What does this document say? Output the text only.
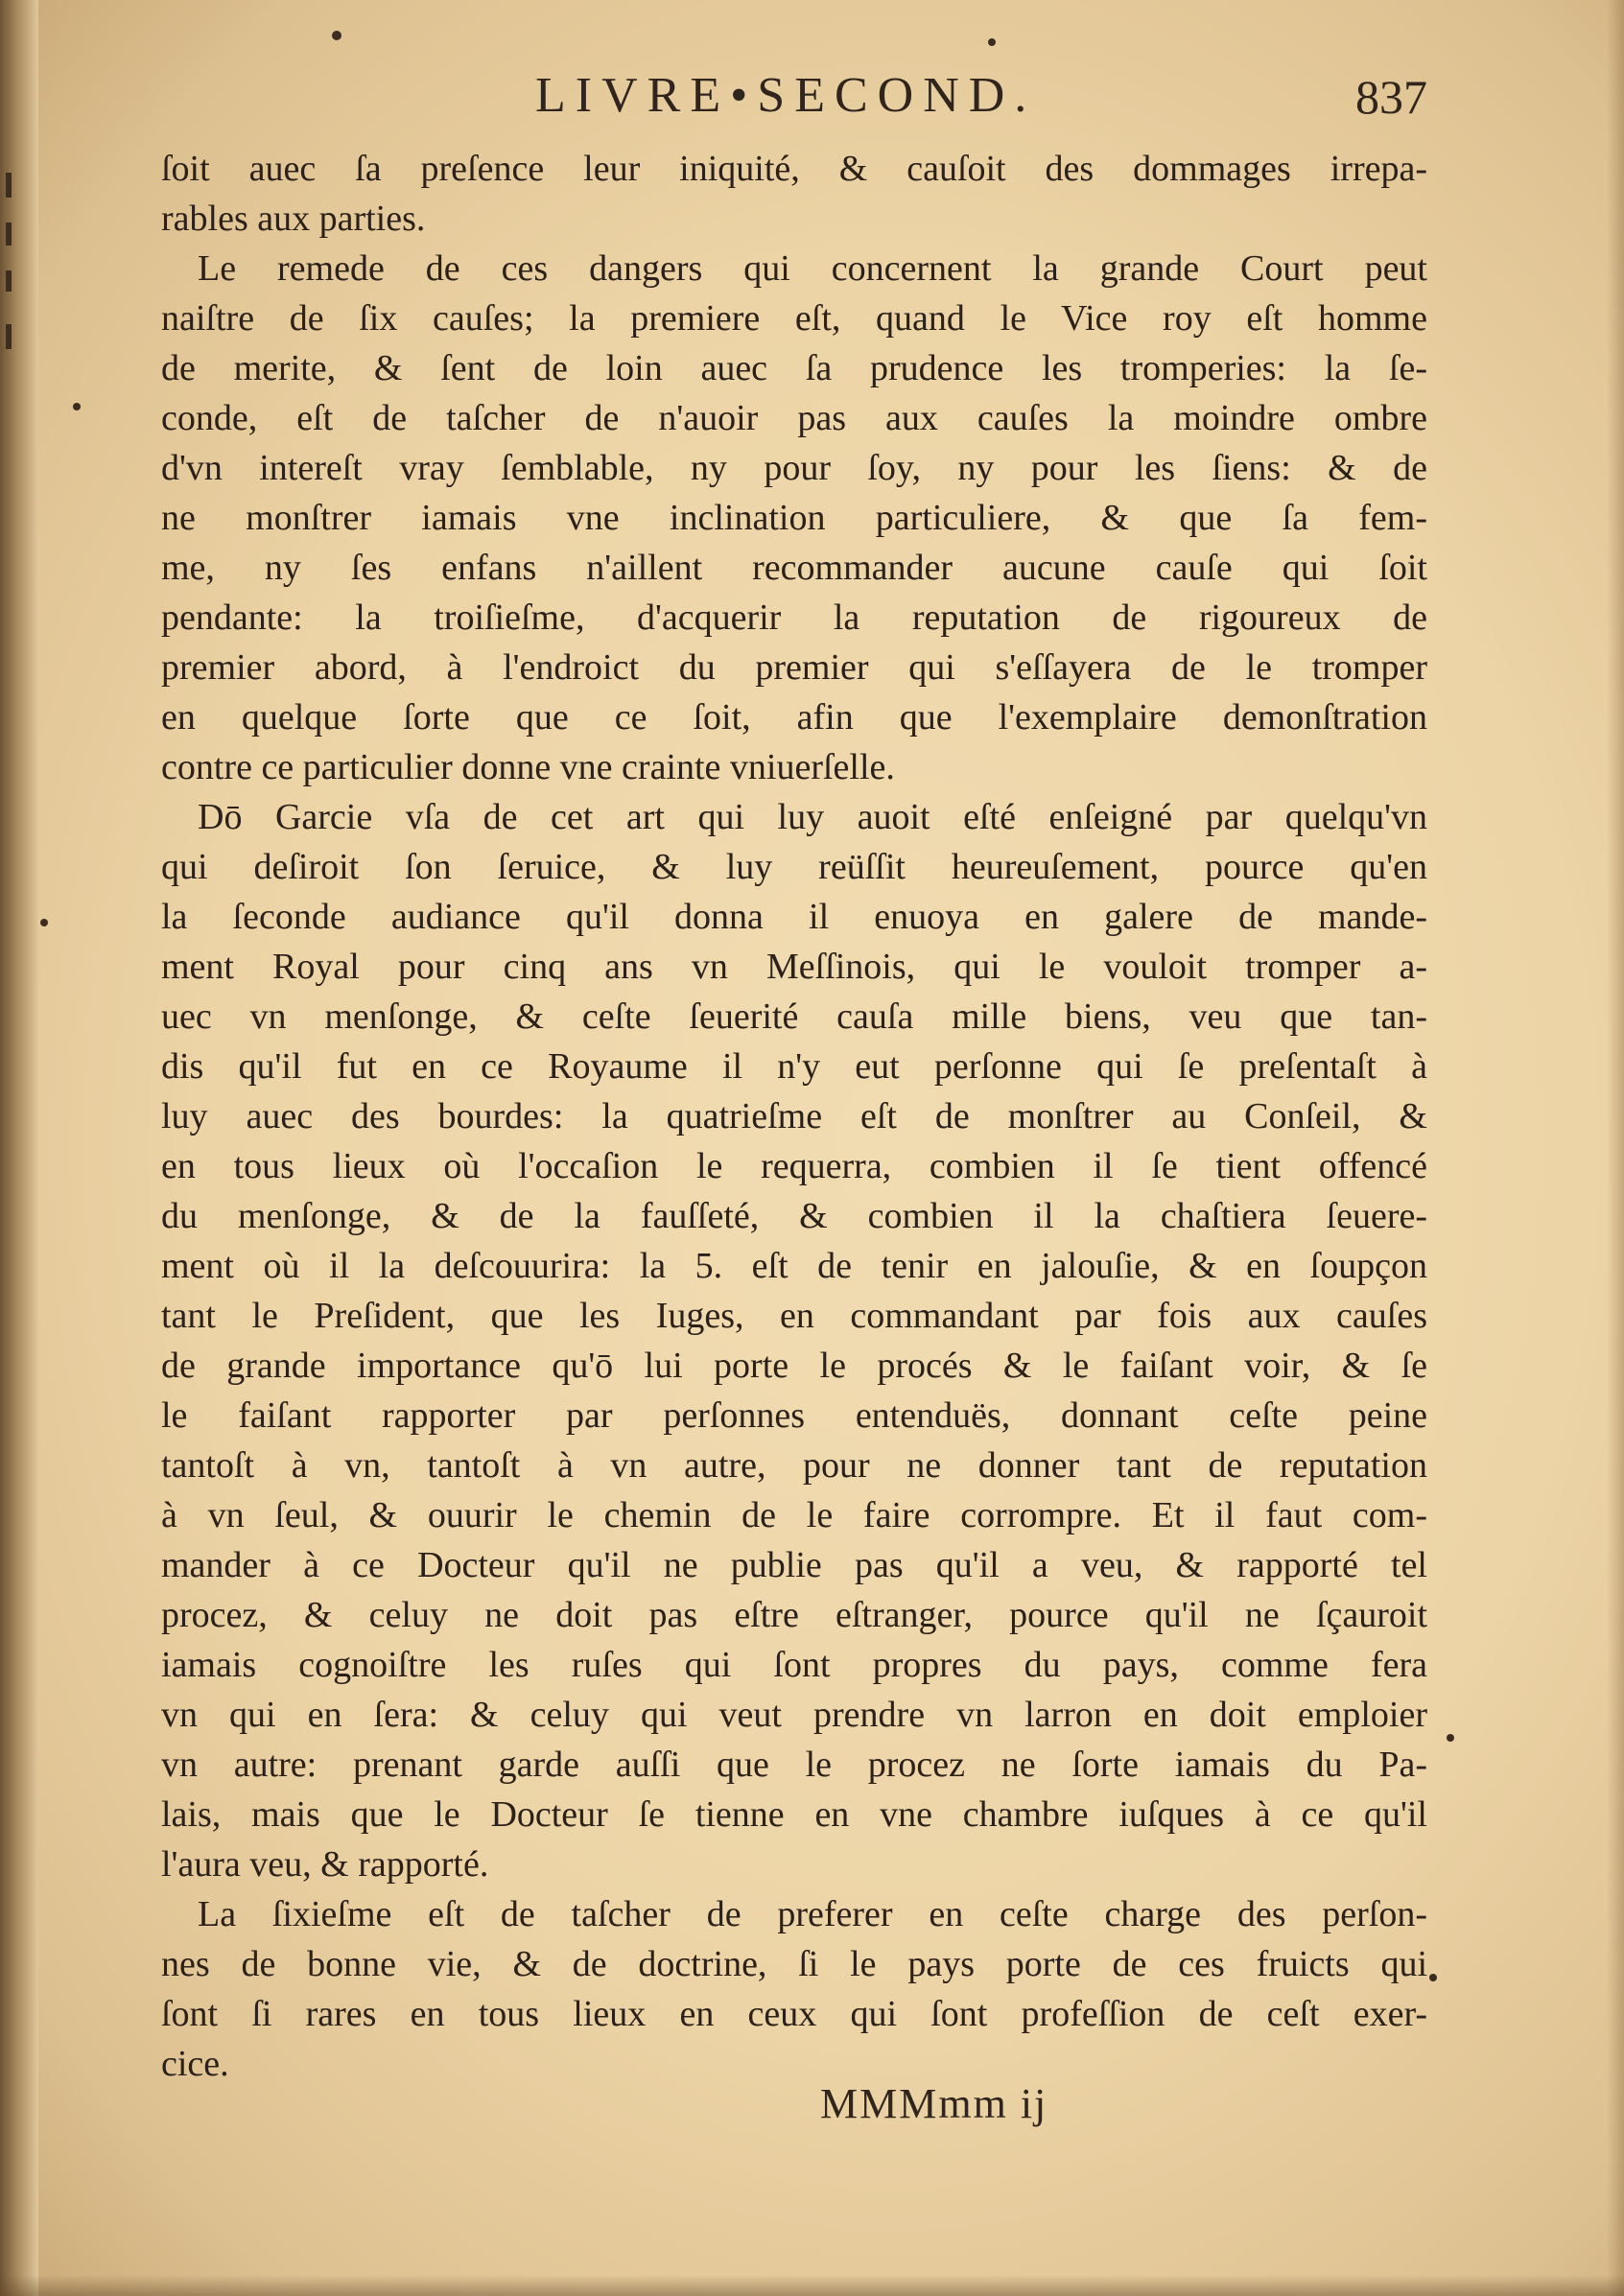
LIVRE•SECOND.	837
ſoit auec ſa preſence leur iniquité, & cauſoit des dommages irrepa-
rables aux parties.
Le remede de ces dangers qui concernent la grande Court peut
naiſtre de ſix cauſes; la premiere eſt, quand le Vice roy eſt homme
de merite, & ſent de loin auec ſa prudence les tromperies: la ſe-
conde, eſt de taſcher de n'auoir pas aux cauſes la moindre ombre
d'vn intereſt vray ſemblable, ny pour ſoy, ny pour les ſiens: & de
ne monſtrer iamais vne inclination particuliere, & que ſa fem-
me, ny ſes enfans n'aillent recommander aucune cauſe qui ſoit
pendante: la troiſieſme, d'acquerir la reputation de rigoureux de
premier abord, à l'endroict du premier qui s'eſſayera de le tromper
en quelque ſorte que ce ſoit, afin que l'exemplaire demonſtration
contre ce particulier donne vne crainte vniuerſelle.
Dō Garcie vſa de cet art qui luy auoit eſté enſeigné par quelqu'vn
qui deſiroit ſon ſeruice, & luy reüſſit heureuſement, pource qu'en
la ſeconde audiance qu'il donna il enuoya en galere de mande-
ment Royal pour cinq ans vn Meſſinois, qui le vouloit tromper a-
uec vn menſonge, & ceſte ſeuerité cauſa mille biens, veu que tan-
dis qu'il fut en ce Royaume il n'y eut perſonne qui ſe preſentaſt à
luy auec des bourdes: la quatrieſme eſt de monſtrer au Conſeil, &
en tous lieux où l'occaſion le requerra, combien il ſe tient offencé
du menſonge, & de la fauſſeté, & combien il la chaſtiera ſeuere-
ment où il la deſcouurira: la 5. eſt de tenir en jalouſie, & en ſoupçon
tant le Preſident, que les Iuges, en commandant par fois aux cauſes
de grande importance qu'ō lui porte le procés & le faiſant voir, & ſe
le faiſant rapporter par perſonnes entenduës, donnant ceſte peine
tantoſt à vn, tantoſt à vn autre, pour ne donner tant de reputation
à vn ſeul, & ouurir le chemin de le faire corrompre. Et il faut com-
mander à ce Docteur qu'il ne publie pas qu'il a veu, & rapporté tel
procez, & celuy ne doit pas eſtre eſtranger, pource qu'il ne ſçauroit
iamais cognoiſtre les ruſes qui ſont propres du pays, comme fera
vn qui en ſera: & celuy qui veut prendre vn larron en doit emploier
vn autre: prenant garde auſſi que le procez ne ſorte iamais du Pa-
lais, mais que le Docteur ſe tienne en vne chambre iuſques à ce qu'il
l'aura veu, & rapporté.
La ſixieſme eſt de taſcher de preferer en ceſte charge des perſon-
nes de bonne vie, & de doctrine, ſi le pays porte de ces fruicts qui
ſont ſi rares en tous lieux en ceux qui ſont profeſſion de ceſt exer-
cice.
MMMmm ij
